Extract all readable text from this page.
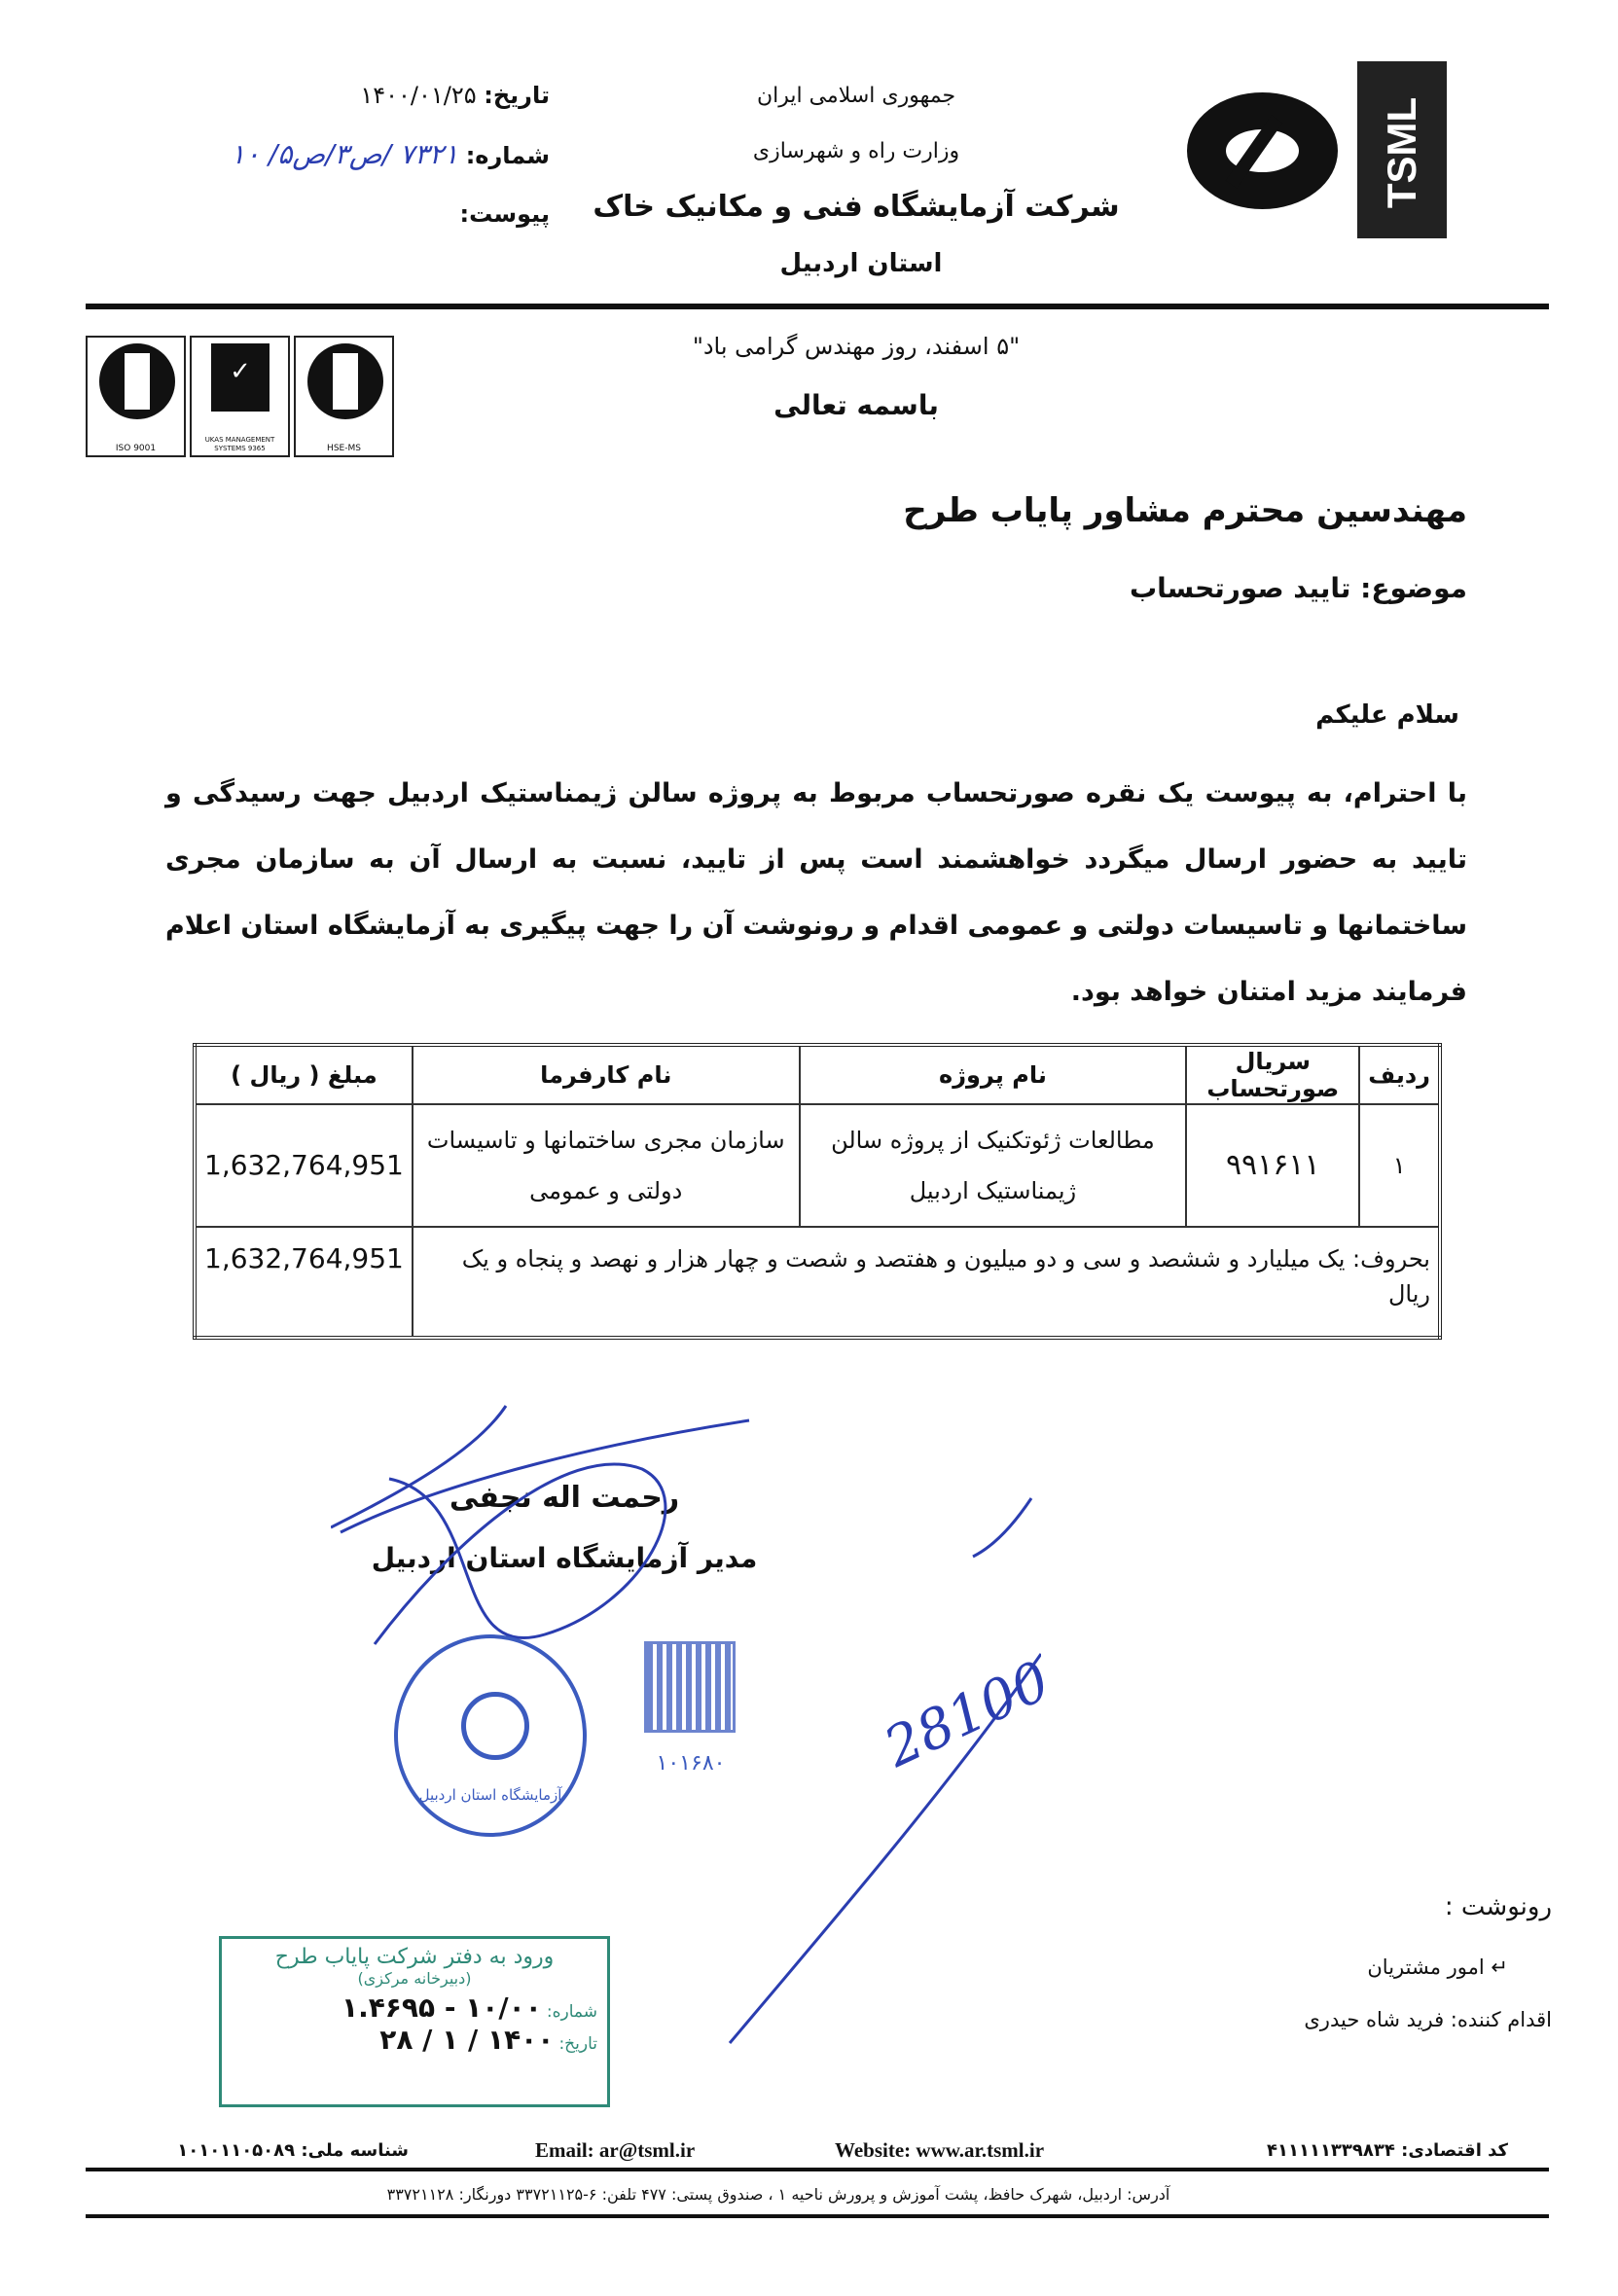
TSML
جمهوری اسلامی ایران
وزارت راه و شهرسازی
شرکت آزمایشگاه فنی و مکانیک خاک
استان اردبیل
تاریخ: ۱۴۰۰/۰۱/۲۵
شماره: ۷۳۲۱ /ص۳/ص۵/ ۱۰
پیوست:
ISO 9001
✓
UKAS MANAGEMENT SYSTEMS 9365	HSE-MS
"۵ اسفند، روز مهندس گرامی باد"
باسمه تعالی
مهندسین محترم مشاور پایاب طرح
موضوع: تایید صورتحساب
سلام علیکم
با احترام، به پیوست یک نقره صورتحساب مربوط به پروژه سالن ژیمناستیک اردبیل جهت رسیدگی و تایید به حضور ارسال میگردد خواهشمند است پس از تایید، نسبت به ارسال آن به سازمان مجری ساختمانها و تاسیسات دولتی و عمومی اقدام و رونوشت آن را جهت پیگیری به آزمایشگاه استان اعلام فرمایند مزید امتنان خواهد بود.
ردیف	سریال صورتحساب	نام پروژه	نام کارفرما	مبلغ ( ریال )
۱	۹۹۱۶۱۱	مطالعات ژئوتکنیک از پروژه سالن ژیمناستیک اردبیل	سازمان مجری ساختمانها و تاسیسات دولتی و عمومی	1,632,764,951
بحروف: یک میلیارد و ششصد و سی و دو میلیون و هفتصد و شصت و چهار هزار و نهصد و پنجاه و یک ریال				1,632,764,951
رحمت اله نجفی
مدیر آزمایشگاه استان اردبیل
آزمایشگاه استان اردبیل
۱۰۱۶۸۰	28100
رونوشت :
↵ امور مشتریان
اقدام کننده: فرید شاه حیدری
ورود به دفتر شرکت پایاب طرح
(دبیرخانه مرکزی)
شماره: ۱۰/۰۰ - ۱.۴۶۹۵
تاریخ: ۱۴۰۰ / ۱ / ۲۸
کد اقتصادی: ۴۱۱۱۱۱۳۳۹۸۳۴
Website: www.ar.tsml.ir
Email: ar@tsml.ir
شناسه ملی: ۱۰۱۰۱۱۰۵۰۸۹
آدرس: اردبیل، شهرک حافظ، پشت آموزش و پرورش ناحیه ۱ ، صندوق پستی: ۴۷۷ تلفن: ۶-۳۳۷۲۱۱۲۵ دورنگار: ۳۳۷۲۱۱۲۸
